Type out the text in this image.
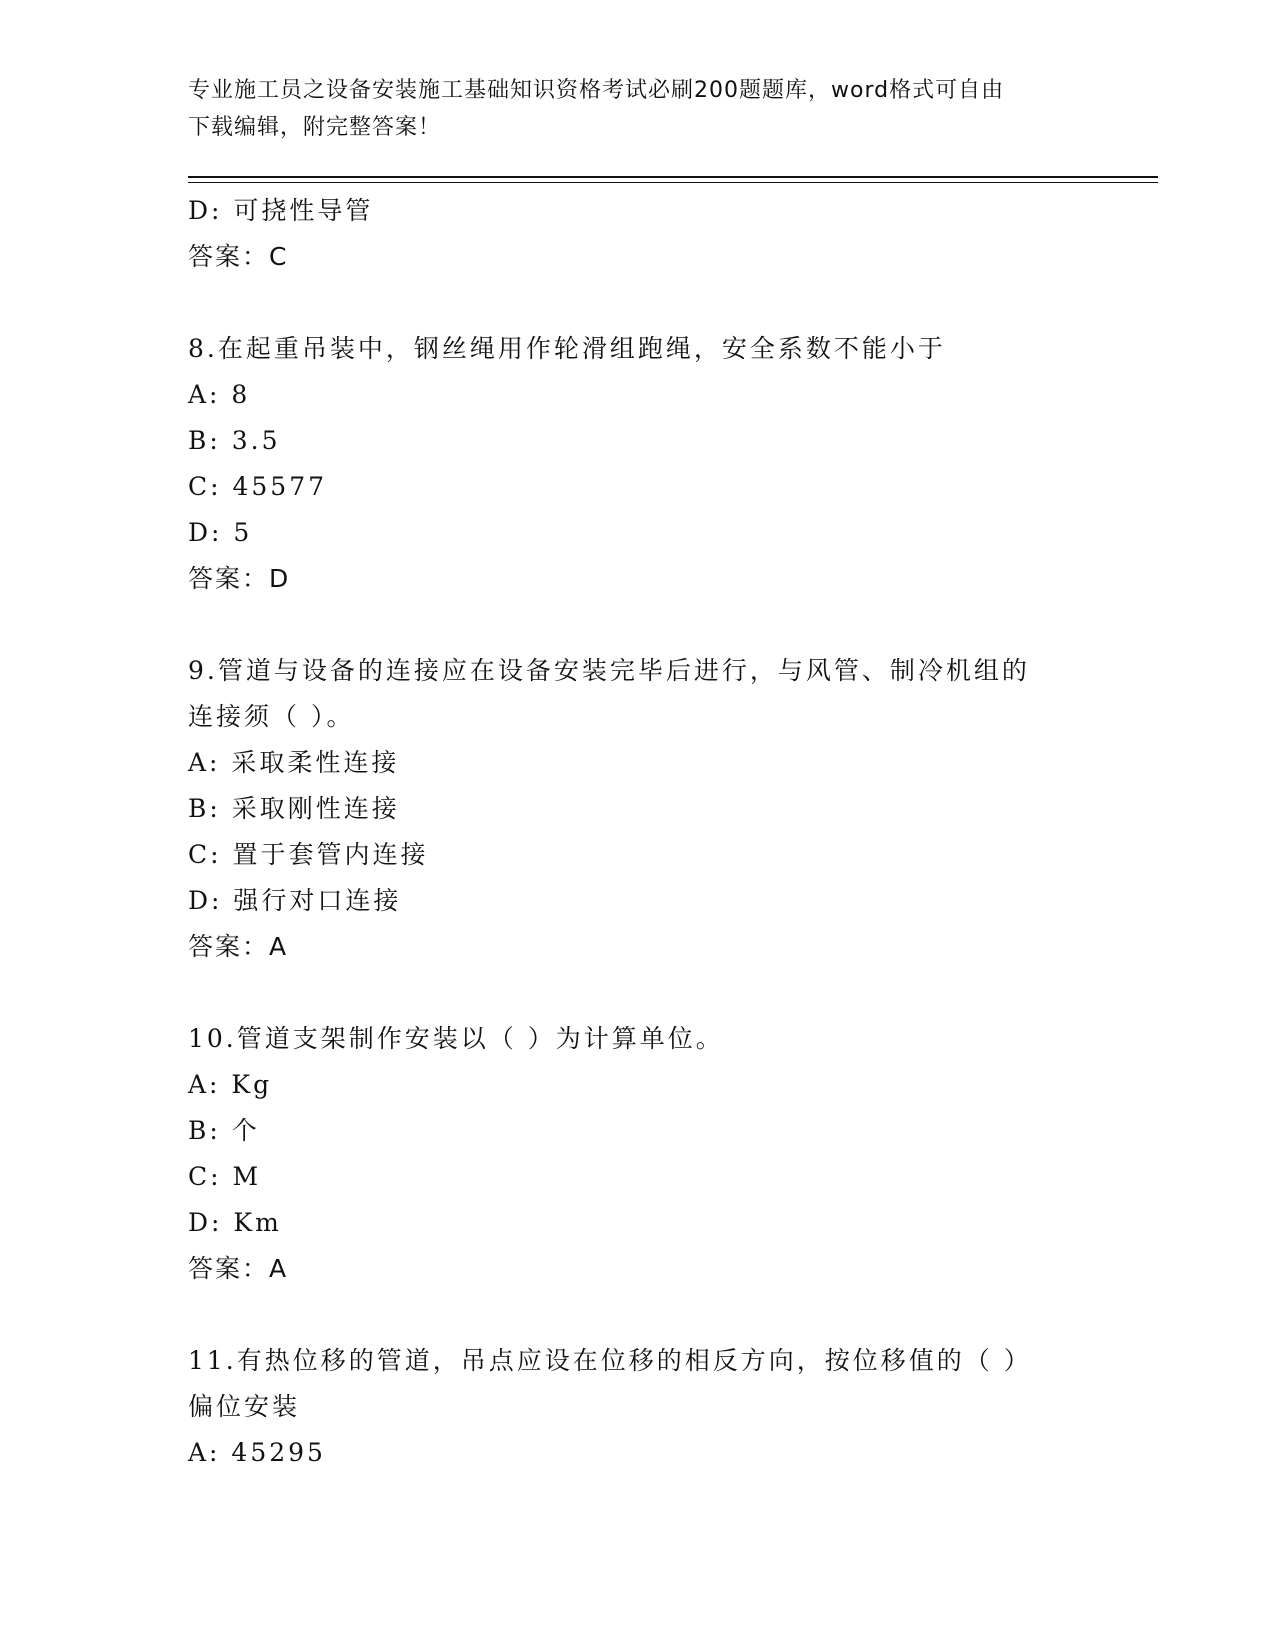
专业施工员之设备安装施工基础知识资格考试必刷200题题库，word格式可自由
下载编辑，附完整答案！
D: 可挠性导管
答案：C
8.在起重吊装中，钢丝绳用作轮滑组跑绳，安全系数不能小于
A: 8
B: 3.5
C: 45577
D: 5
答案：D
9.管道与设备的连接应在设备安装完毕后进行，与风管、制冷机组的
连接须（ ）。
A: 采取柔性连接
B: 采取刚性连接
C: 置于套管内连接
D: 强行对口连接
答案：A
10.管道支架制作安装以（ ）为计算单位。
A: Kg
B: 个
C: M
D: Km
答案：A
11.有热位移的管道，吊点应设在位移的相反方向，按位移值的（ ）
偏位安装
A: 45295
